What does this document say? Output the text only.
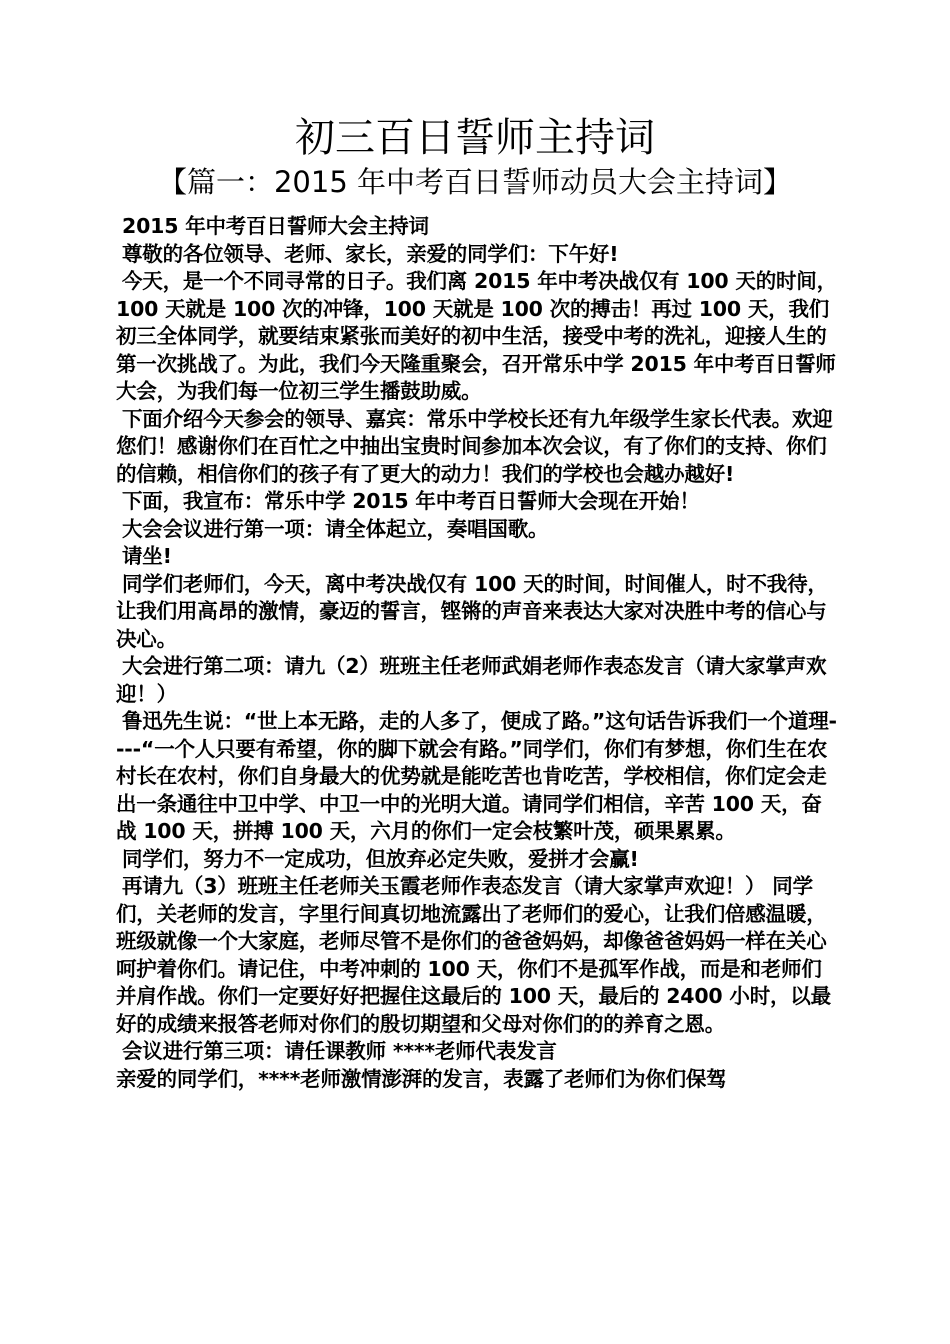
初三百日誓师主持词
【篇一：2015 年中考百日誓师动员大会主持词】

2015 年中考百日誓师大会主持词

尊敬的各位领导、老师、家长，亲爱的同学们：下午好!

今天，是一个不同寻常的日子。我们离 2015 年中考决战仅有 100 天的时间，100 天就是 100 次的冲锋，100 天就是 100 次的搏击！再过 100 天，我们初三全体同学，就要结束紧张而美好的初中生活，接受中考的洗礼，迎接人生的第一次挑战了。为此，我们今天隆重聚会，召开常乐中学 2015 年中考百日誓师大会，为我们每一位初三学生播鼓助威。

下面介绍今天参会的领导、嘉宾：常乐中学校长还有九年级学生家长代表。欢迎您们！感谢你们在百忙之中抽出宝贵时间参加本次会议，有了你们的支持、你们的信赖，相信你们的孩子有了更大的动力！我们的学校也会越办越好!

下面，我宣布：常乐中学 2015 年中考百日誓师大会现在开始！

大会会议进行第一项：请全体起立，奏唱国歌。

请坐!

同学们老师们，今天，离中考决战仅有 100 天的时间，时间催人，时不我待，让我们用高昂的激情，豪迈的誓言，铿锵的声音来表达大家对决胜中考的信心与决心。

大会进行第二项：请九（2）班班主任老师武娟老师作表态发言（请大家掌声欢迎！）

鲁迅先生说：“世上本无路，走的人多了，便成了路。”这句话告诉我们一个道理----“一个人只要有希望，你的脚下就会有路。”同学们，你们有梦想，你们生在农村长在农村，你们自身最大的优势就是能吃苦也肯吃苦，学校相信，你们定会走出一条通往中卫中学、中卫一中的光明大道。请同学们相信，辛苦 100 天，奋战 100 天，拼搏 100 天，六月的你们一定会枝繁叶茂，硕果累累。

同学们，努力不一定成功，但放弃必定失败，爱拼才会赢!

再请九（3）班班主任老师关玉霞老师作表态发言（请大家掌声欢迎！） 同学们，关老师的发言，字里行间真切地流露出了老师们的爱心，让我们倍感温暖，班级就像一个大家庭，老师尽管不是你们的爸爸妈妈，却像爸爸妈妈一样在关心呵护着你们。请记住，中考冲刺的 100 天，你们不是孤军作战，而是和老师们并肩作战。你们一定要好好把握住这最后的 100 天，最后的 2400 小时，以最好的成绩来报答老师对你们的殷切期望和父母对你们的的养育之恩。

会议进行第三项：请任课教师 ****老师代表发言

亲爱的同学们，****老师激情澎湃的发言，表露了老师们为你们保驾
